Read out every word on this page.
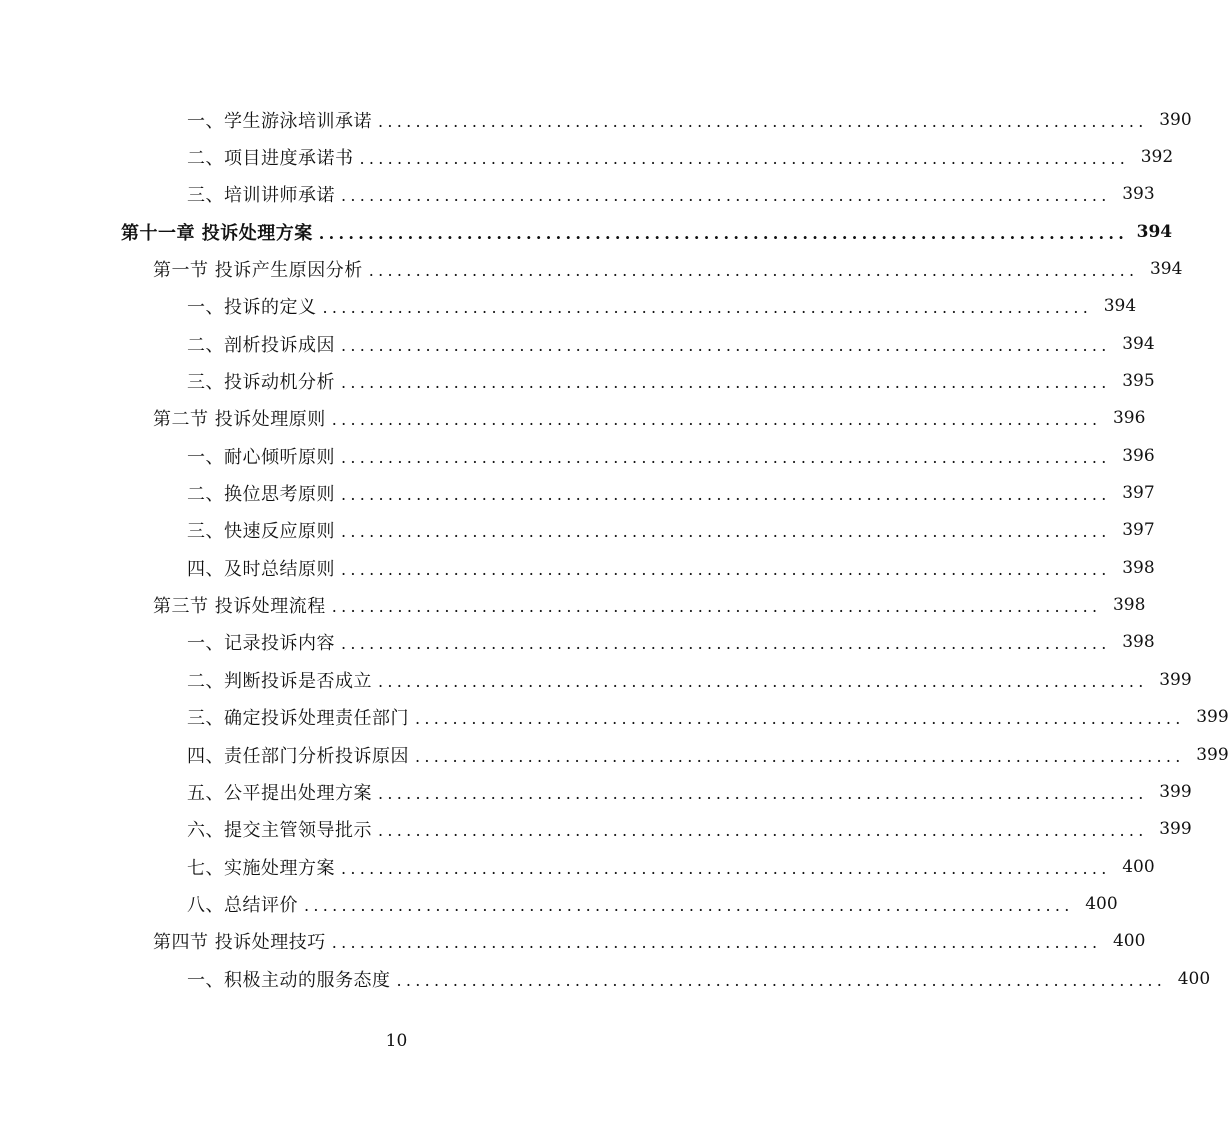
一、学生游泳培训承诺 .................................................................................. 390
二、项目进度承诺书 .................................................................................. 392
三、培训讲师承诺 .................................................................................. 393
第十一章 投诉处理方案 .................................................................................. 394
第一节 投诉产生原因分析 .................................................................................. 394
一、投诉的定义 .................................................................................. 394
二、剖析投诉成因 .................................................................................. 394
三、投诉动机分析 .................................................................................. 395
第二节 投诉处理原则 .................................................................................. 396
一、耐心倾听原则 .................................................................................. 396
二、换位思考原则 .................................................................................. 397
三、快速反应原则 .................................................................................. 397
四、及时总结原则 .................................................................................. 398
第三节 投诉处理流程 .................................................................................. 398
一、记录投诉内容 .................................................................................. 398
二、判断投诉是否成立 .................................................................................. 399
三、确定投诉处理责任部门 .................................................................................. 399
四、责任部门分析投诉原因 .................................................................................. 399
五、公平提出处理方案 .................................................................................. 399
六、提交主管领导批示 .................................................................................. 399
七、实施处理方案 .................................................................................. 400
八、总结评价 .................................................................................. 400
第四节 投诉处理技巧 .................................................................................. 400
一、积极主动的服务态度 .................................................................................. 400
10
